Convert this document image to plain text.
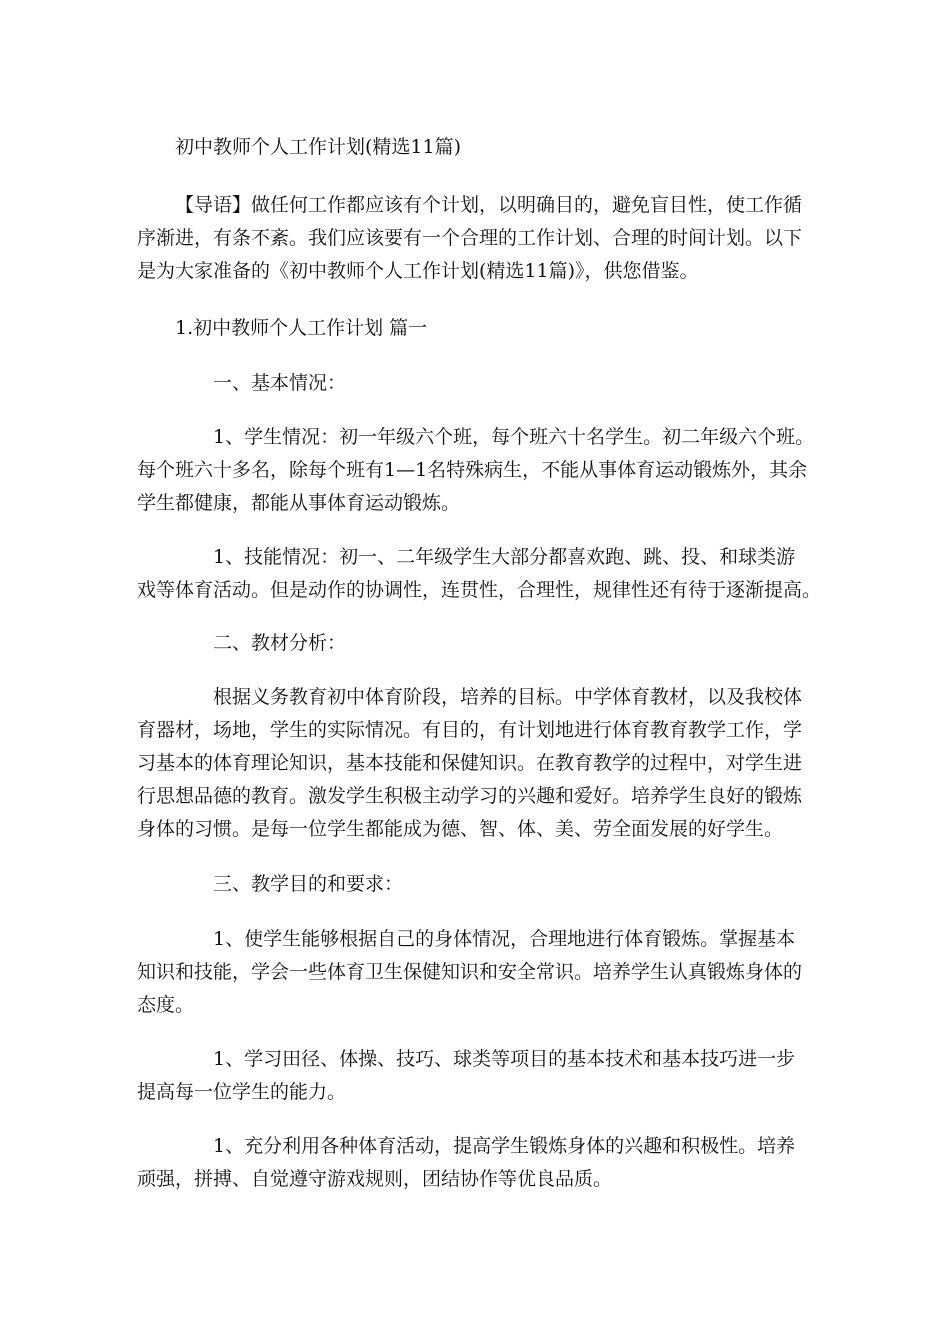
初中教师个人工作计划(精选11篇)

【导语】做任何工作都应该有个计划，以明确目的，避免盲目性，使工作循
序渐进，有条不紊。我们应该要有一个合理的工作计划、合理的时间计划。以下
是为大家准备的《初中教师个人工作计划(精选11篇)》，供您借鉴。

1.初中教师个人工作计划 篇一

一、基本情况：

1、学生情况：初一年级六个班，每个班六十名学生。初二年级六个班。
每个班六十多名，除每个班有1—1名特殊病生，不能从事体育运动锻炼外，其余
学生都健康，都能从事体育运动锻炼。

1、技能情况：初一、二年级学生大部分都喜欢跑、跳、投、和球类游
戏等体育活动。但是动作的协调性，连贯性，合理性，规律性还有待于逐渐提高。

二、教材分析：

根据义务教育初中体育阶段，培养的目标。中学体育教材，以及我校体
育器材，场地，学生的实际情况。有目的，有计划地进行体育教育教学工作，学
习基本的体育理论知识，基本技能和保健知识。在教育教学的过程中，对学生进
行思想品德的教育。激发学生积极主动学习的兴趣和爱好。培养学生良好的锻炼
身体的习惯。是每一位学生都能成为德、智、体、美、劳全面发展的好学生。

三、教学目的和要求：

1、使学生能够根据自己的身体情况，合理地进行体育锻炼。掌握基本
知识和技能，学会一些体育卫生保健知识和安全常识。培养学生认真锻炼身体的
态度。

1、学习田径、体操、技巧、球类等项目的基本技术和基本技巧进一步
提高每一位学生的能力。

1、充分利用各种体育活动，提高学生锻炼身体的兴趣和积极性。培养
顽强，拼搏、自觉遵守游戏规则，团结协作等优良品质。
